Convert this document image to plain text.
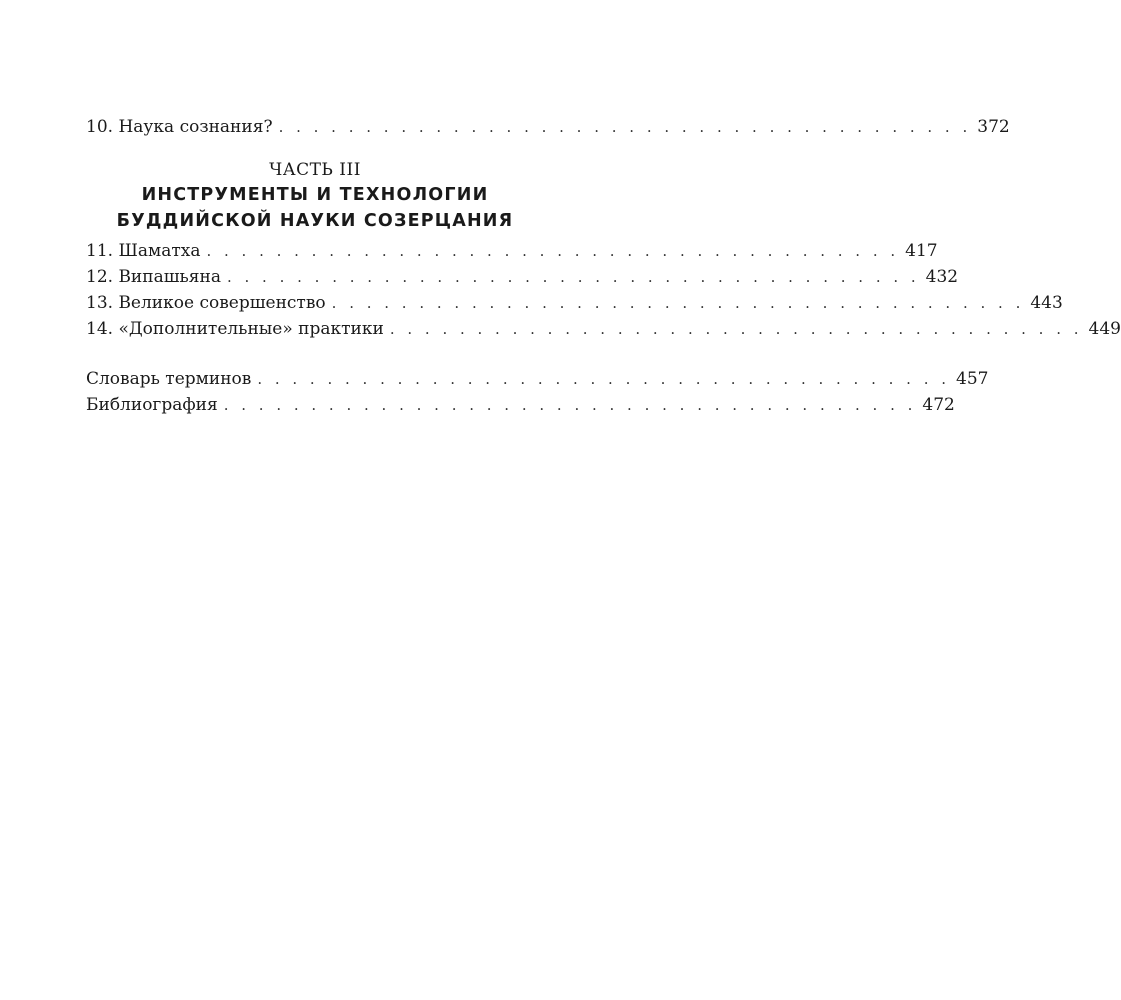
10. Наука сознания? . . . . . . . . . . . . . . . . . . . . . . . . . . . . . . . . . . . . . . . . 372
ЧАСТЬ III
ИНСТРУМЕНТЫ И ТЕХНОЛОГИИ
БУДДИЙСКОЙ НАУКИ СОЗЕРЦАНИЯ
11. Шаматха . . . . . . . . . . . . . . . . . . . . . . . . . . . . . . . . . . . . . . . . 417
12. Випашьяна . . . . . . . . . . . . . . . . . . . . . . . . . . . . . . . . . . . . . . . . 432
13. Великое совершенство . . . . . . . . . . . . . . . . . . . . . . . . . . . . . . . . . . . . . . . . 443
14. «Дополнительные» практики . . . . . . . . . . . . . . . . . . . . . . . . . . . . . . . . . . . . . . . . 449
Словарь терминов . . . . . . . . . . . . . . . . . . . . . . . . . . . . . . . . . . . . . . . . 457
Библиография . . . . . . . . . . . . . . . . . . . . . . . . . . . . . . . . . . . . . . . . 472
